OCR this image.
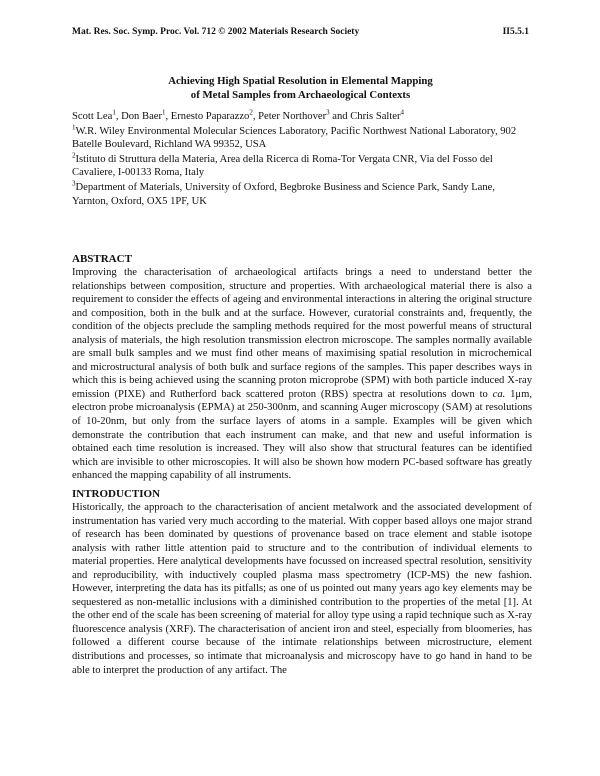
Mat. Res. Soc. Symp. Proc. Vol. 712 © 2002 Materials Research Society	II5.5.1
Achieving High Spatial Resolution in Elemental Mapping
of Metal Samples from Archaeological Contexts

Scott Lea$^1$, Don Baer$^1$, Ernesto Paparazzo$^2$, Peter Northover$^3$ and Chris Salter$^4$

$^1$W.R. Wiley Environmental Molecular Sciences Laboratory, Pacific Northwest National Laboratory, 902 Batelle Boulevard, Richland WA 99352, USA

$^2$Istituto di Struttura della Materia, Area della Ricerca di Roma-Tor Vergata CNR, Via del Fosso del Cavaliere, I-00133 Roma, Italy

$^3$Department of Materials, University of Oxford, Begbroke Business and Science Park, Sandy Lane, Yarnton, Oxford, OX5 1PF, UK

ABSTRACT

Improving the characterisation of archaeological artifacts brings a need to understand better the relationships between composition, structure and properties. With archaeological material there is also a requirement to consider the effects of ageing and environmental interactions in altering the original structure and composition, both in the bulk and at the surface. However, curatorial constraints and, frequently, the condition of the objects preclude the sampling methods required for the most powerful means of structural analysis of materials, the high resolution transmission electron microscope. The samples normally available are small bulk samples and we must find other means of maximising spatial resolution in microchemical and microstructural analysis of both bulk and surface regions of the samples. This paper describes ways in which this is being achieved using the scanning proton microprobe (SPM) with both particle induced X-ray emission (PIXE) and Rutherford back scattered proton (RBS) spectra at resolutions down to ca. 1μm, electron probe microanalysis (EPMA) at 250-300nm, and scanning Auger microscopy (SAM) at resolutions of 10-20nm, but only from the surface layers of atoms in a sample. Examples will be given which demonstrate the contribution that each instrument can make, and that new and useful information is obtained each time resolution is increased. They will also show that structural features can be identified which are invisible to other microscopies. It will also be shown how modern PC-based software has greatly enhanced the mapping capability of all instruments.

INTRODUCTION

Historically, the approach to the characterisation of ancient metalwork and the associated development of instrumentation has varied very much according to the material. With copper based alloys one major strand of research has been dominated by questions of provenance based on trace element and stable isotope analysis with rather little attention paid to structure and to the contribution of individual elements to material properties. Here analytical developments have focussed on increased spectral resolution, sensitivity and reproducibility, with inductively coupled plasma mass spectrometry (ICP-MS) the new fashion. However, interpreting the data has its pitfalls; as one of us pointed out many years ago key elements may be sequestered as non-metallic inclusions with a diminished contribution to the properties of the metal [1]. At the other end of the scale has been screening of material for alloy type using a rapid technique such as X-ray fluorescence analysis (XRF). The characterisation of ancient iron and steel, especially from bloomeries, has followed a different course because of the intimate relationships between microstructure, element distributions and processes, so intimate that microanalysis and microscopy have to go hand in hand to be able to interpret the production of any artifact. The
